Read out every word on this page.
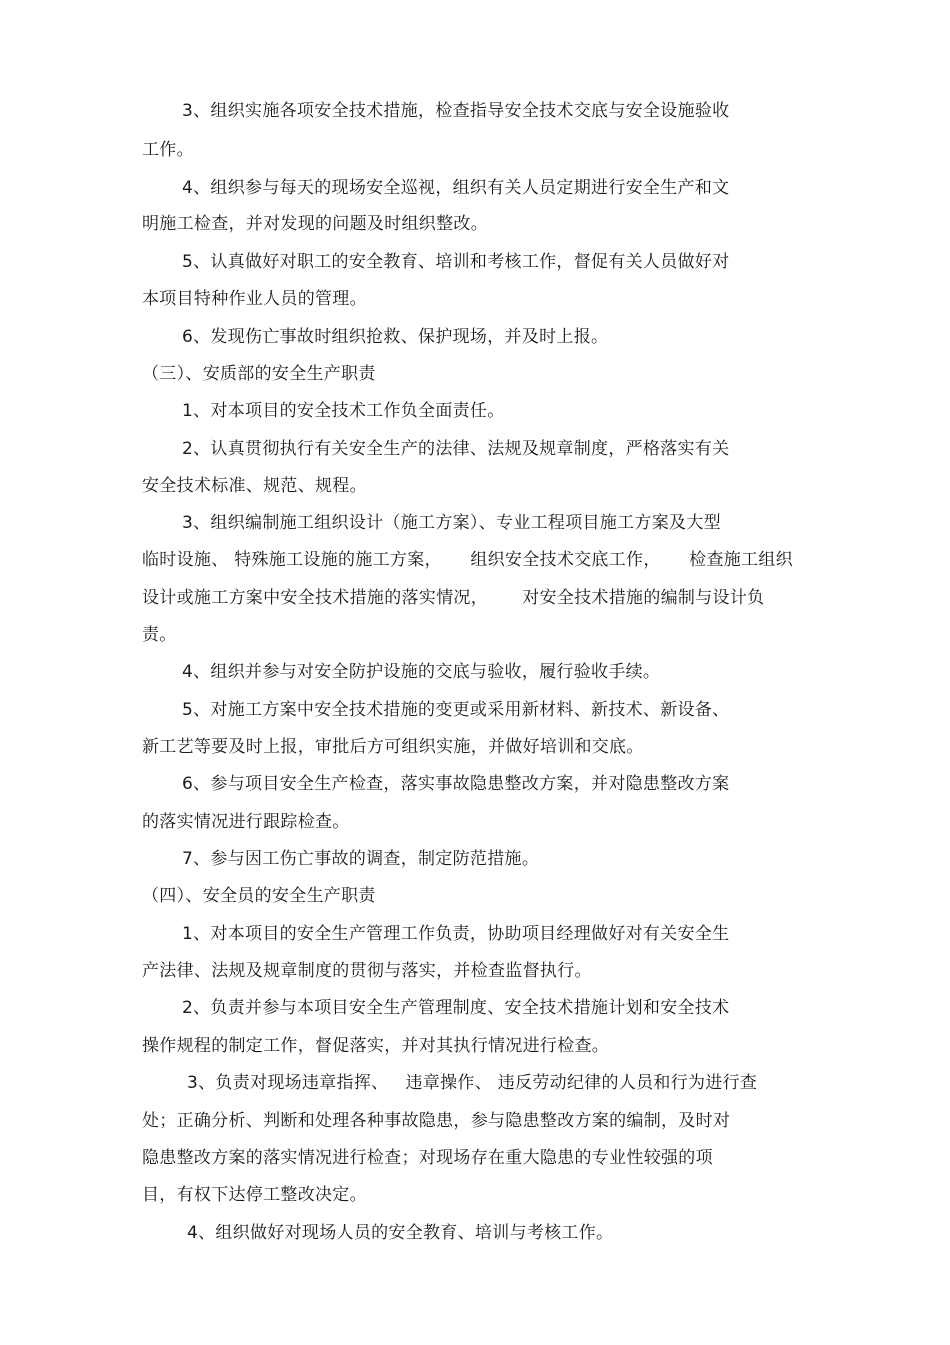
3、组织实施各项安全技术措施，检查指导安全技术交底与安全设施验收
工作。
4、组织参与每天的现场安全巡视，组织有关人员定期进行安全生产和文
明施工检查，并对发现的问题及时组织整改。
5、认真做好对职工的安全教育、培训和考核工作，督促有关人员做好对
本项目特种作业人员的管理。
6、发现伤亡事故时组织抢救、保护现场，并及时上报。
（三）、安质部的安全生产职责
1、对本项目的安全技术工作负全面责任。
2、认真贯彻执行有关安全生产的法律、法规及规章制度，严格落实有关
安全技术标准、规范、规程。
3、组织编制施工组织设计（施工方案）、专业工程项目施工方案及大型
临时设施、 特殊施工设施的施工方案，     组织安全技术交底工作，     检查施工组织
设计或施工方案中安全技术措施的落实情况，      对安全技术措施的编制与设计负
责。
4、组织并参与对安全防护设施的交底与验收，履行验收手续。
5、对施工方案中安全技术措施的变更或采用新材料、新技术、新设备、
新工艺等要及时上报，审批后方可组织实施，并做好培训和交底。
6、参与项目安全生产检查，落实事故隐患整改方案，并对隐患整改方案
的落实情况进行跟踪检查。
7、参与因工伤亡事故的调查，制定防范措施。
（四）、安全员的安全生产职责
1、对本项目的安全生产管理工作负责，协助项目经理做好对有关安全生
产法律、法规及规章制度的贯彻与落实，并检查监督执行。
2、负责并参与本项目安全生产管理制度、安全技术措施计划和安全技术
操作规程的制定工作，督促落实，并对其执行情况进行检查。
3、负责对现场违章指挥、   违章操作、 违反劳动纪律的人员和行为进行查
处；正确分析、判断和处理各种事故隐患，参与隐患整改方案的编制，及时对
隐患整改方案的落实情况进行检查；对现场存在重大隐患的专业性较强的项
目，有权下达停工整改决定。
4、组织做好对现场人员的安全教育、培训与考核工作。
